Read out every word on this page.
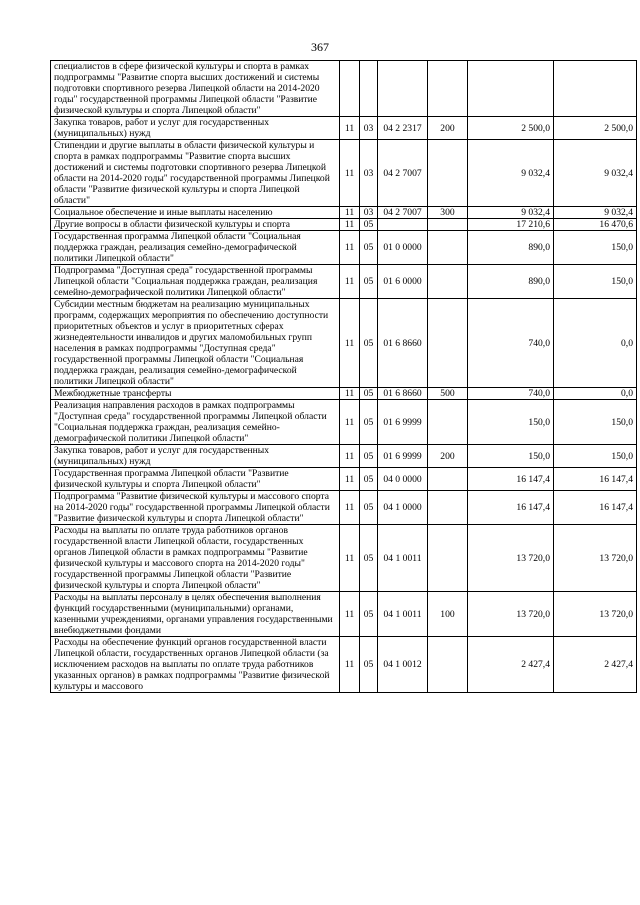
367
специалистов в сфере физической культуры и спорта в рамках подпрограммы "Развитие спорта высших достижений и системы подготовки спортивного резерва Липецкой области на 2014-2020 годы" государственной программы Липецкой области "Развитие физической культуры и спорта Липецкой области"						
Закупка товаров, работ и услуг для государственных (муниципальных) нужд	11	03	04 2 2317	200	2 500,0	2 500,0
Стипендии и другие выплаты в области физической культуры и спорта в рамках подпрограммы "Развитие спорта высших достижений и системы подготовки спортивного резерва Липецкой области на 2014-2020 годы" государственной программы Липецкой области "Развитие физической культуры и спорта Липецкой области"	11	03	04 2 7007		9 032,4	9 032,4
Социальное обеспечение и иные выплаты населению	11	03	04 2 7007	300	9 032,4	9 032,4
Другие вопросы в области физической культуры и спорта	11	05			17 210,6	16 470,6
Государственная программа Липецкой области "Социальная поддержка граждан, реализация семейно-демографической политики Липецкой области"	11	05	01 0 0000		890,0	150,0
Подпрограмма "Доступная среда" государственной программы Липецкой области "Социальная поддержка граждан, реализация семейно-демографической политики Липецкой области"	11	05	01 6 0000		890,0	150,0
Субсидии местным бюджетам на реализацию муниципальных программ, содержащих мероприятия по обеспечению доступности приоритетных объектов и услуг в приоритетных сферах жизнедеятельности инвалидов и других маломобильных групп населения в рамках подпрограммы "Доступная среда" государственной программы Липецкой области "Социальная поддержка граждан, реализация семейно-демографической политики Липецкой области"	11	05	01 6 8660		740,0	0,0
Межбюджетные трансферты	11	05	01 6 8660	500	740,0	0,0
Реализация направления расходов в рамках подпрограммы "Доступная среда" государственной программы Липецкой области "Социальная поддержка граждан, реализация семейно-демографической политики Липецкой области"	11	05	01 6 9999		150,0	150,0
Закупка товаров, работ и услуг для государственных (муниципальных) нужд	11	05	01 6 9999	200	150,0	150,0
Государственная программа Липецкой области "Развитие физической культуры и спорта Липецкой области"	11	05	04 0 0000		16 147,4	16 147,4
Подпрограмма "Развитие физической культуры и массового спорта на 2014-2020 годы" государственной программы Липецкой области "Развитие физической культуры и спорта Липецкой области"	11	05	04 1 0000		16 147,4	16 147,4
Расходы на выплаты по оплате труда работников органов государственной власти Липецкой области, государственных органов Липецкой области в рамках подпрограммы "Развитие физической культуры и массового спорта на 2014-2020 годы" государственной программы Липецкой области "Развитие физической культуры и спорта Липецкой области"	11	05	04 1 0011		13 720,0	13 720,0
Расходы на выплаты персоналу в целях обеспечения выполнения функций государственными (муниципальными) органами, казенными учреждениями, органами управления государственными внебюджетными фондами	11	05	04 1 0011	100	13 720,0	13 720,0
Расходы на обеспечение функций органов государственной власти Липецкой области, государственных органов Липецкой области (за исключением расходов на выплаты по оплате труда работников указанных органов) в рамках подпрограммы "Развитие физической культуры и массового	11	05	04 1 0012		2 427,4	2 427,4
